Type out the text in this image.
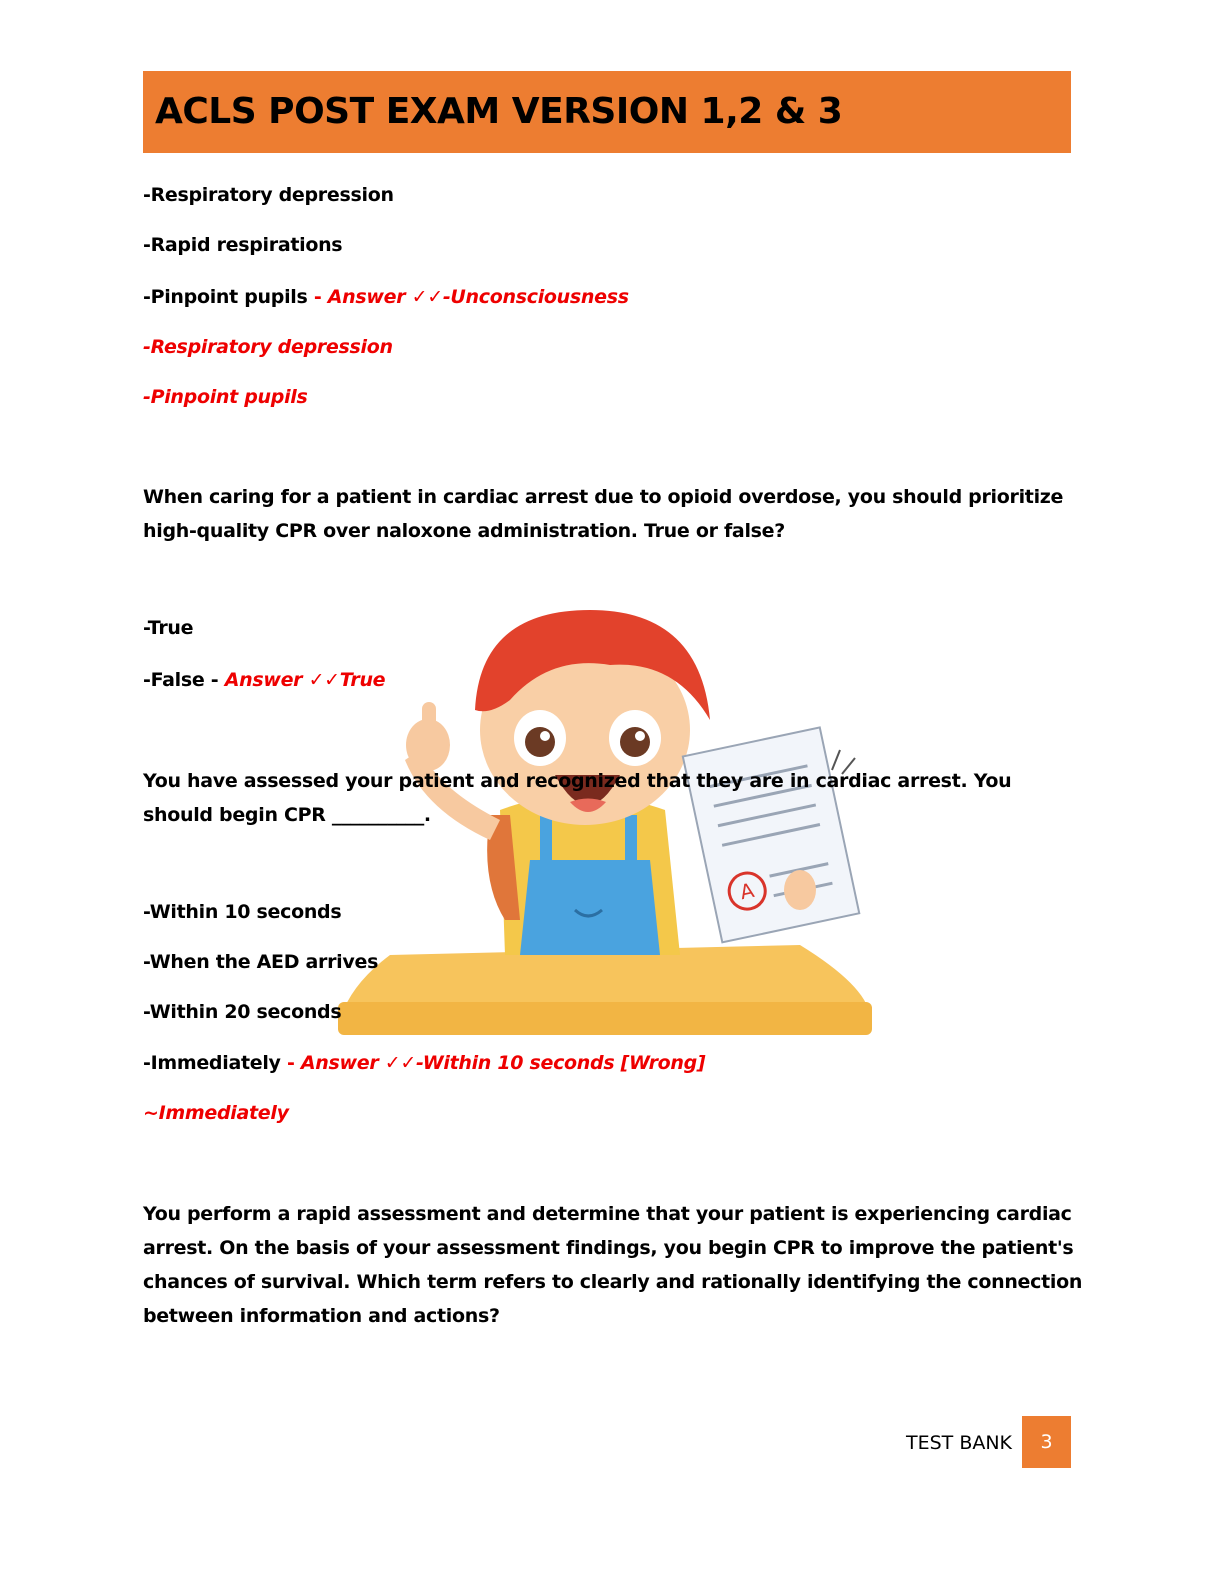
ACLS POST EXAM VERSION 1,2 & 3
-Respiratory depression
-Rapid respirations
-Pinpoint pupils - Answer ✓✓-Unconsciousness
-Respiratory depression
-Pinpoint pupils
When caring for a patient in cardiac arrest due to opioid overdose, you should prioritize high-quality CPR over naloxone administration. True or false?
-True
-False - Answer ✓✓True
A
You have assessed your patient and recognized that they are in cardiac arrest. You should begin CPR __________.
-Within 10 seconds
-When the AED arrives
-Within 20 seconds
-Immediately - Answer ✓✓-Within 10 seconds [Wrong]
~Immediately
You perform a rapid assessment and determine that your patient is experiencing cardiac arrest. On the basis of your assessment findings, you begin CPR to improve the patient's chances of survival. Which term refers to clearly and rationally identifying the connection between information and actions?
TEST BANK	3
